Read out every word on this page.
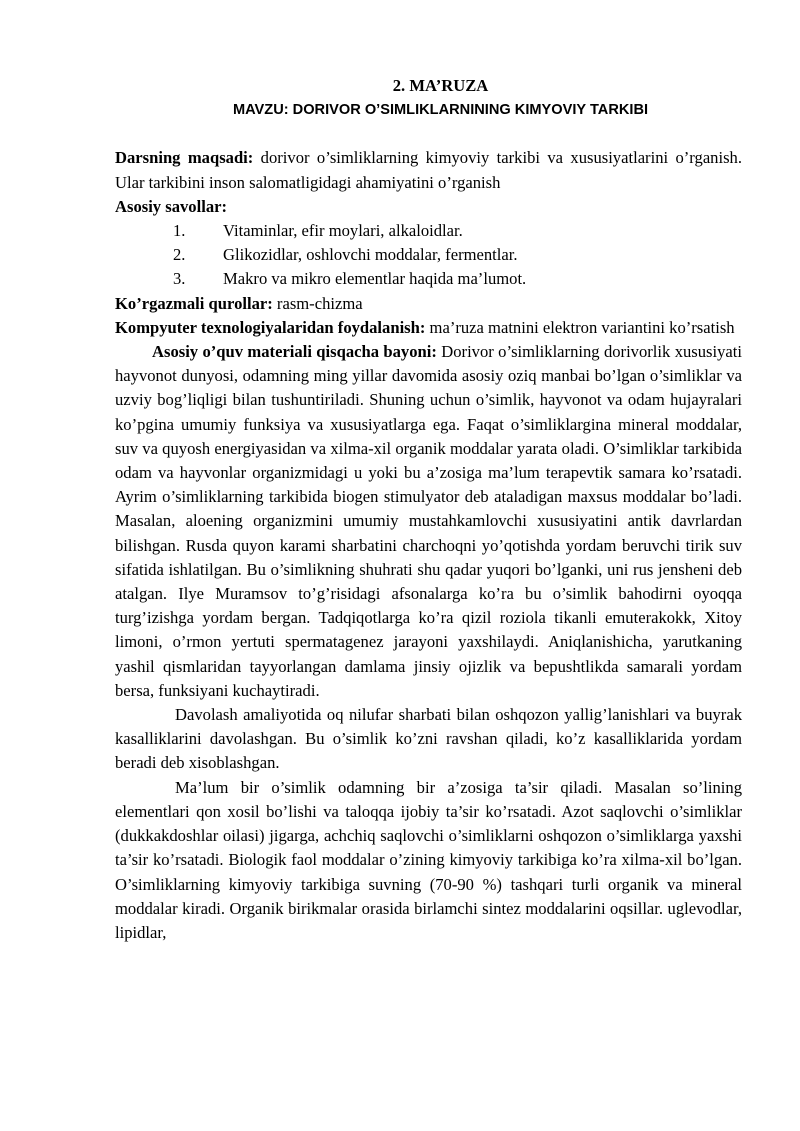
2. MA’RUZA

MAVZU: DORIVOR O’SIMLIKLARNINING KIMYOVIY TARKIBI

Darsning maqsadi: dorivor o’simliklarning kimyoviy tarkibi va xususiyatlarini o’rganish. Ular tarkibini inson salomatligidagi ahamiyatini o’rganish

Asosiy savollar:

1.	Vitaminlar, efir moylari, alkaloidlar.
2.	Glikozidlar, oshlovchi moddalar, fermentlar.
3.	Makro va mikro elementlar haqida ma’lumot.

Ko’rgazmali qurollar: rasm-chizma

Kompyuter texnologiyalaridan foydalanish: ma’ruza matnini elektron variantini ko’rsatish

Asosiy o’quv materiali qisqacha bayoni: Dorivor o’simliklarning dorivorlik xususiyati hayvonot dunyosi, odamning ming yillar davomida asosiy oziq manbai bo’lgan o’simliklar va uzviy bog’liqligi bilan tushuntiriladi. Shuning uchun o’simlik, hayvonot va odam hujayralari ko’pgina umumiy funksiya va xususiyatlarga ega. Faqat o’simliklargina mineral moddalar, suv va quyosh energiyasidan va xilma-xil organik moddalar yarata oladi. O’simliklar tarkibida odam va hayvonlar organizmidagi u yoki bu a’zosiga ma’lum terapevtik samara ko’rsatadi. Ayrim o’simliklarning tarkibida biogen stimulyator deb ataladigan maxsus moddalar bo’ladi. Masalan, aloening organizmini umumiy mustahkamlovchi xususiyatini antik davrlardan bilishgan. Rusda quyon karami sharbatini charchoqni yo’qotishda yordam beruvchi tirik suv sifatida ishlatilgan. Bu o’simlikning shuhrati shu qadar yuqori bo’lganki, uni rus jensheni deb atalgan. Ilye Muramsov to’g’risidagi afsonalarga ko’ra bu o’simlik bahodirni oyoqqa turg’izishga yordam bergan. Tadqiqotlarga ko’ra qizil roziola tikanli emuterakokk, Xitoy limoni, o’rmon yertuti spermatagenez jarayoni yaxshilaydi. Aniqlanishicha, yarutkaning yashil qismlaridan tayyorlangan damlama jinsiy ojizlik va bepushtlikda samarali yordam bersa, funksiyani kuchaytiradi.

Davolash amaliyotida oq nilufar sharbati bilan oshqozon yallig’lanishlari va buyrak kasalliklarini davolashgan. Bu o’simlik ko’zni ravshan qiladi, ko’z kasalliklarida yordam beradi deb xisoblashgan.

Ma’lum bir o’simlik odamning bir a’zosiga ta’sir qiladi. Masalan so’lining elementlari qon xosil bo’lishi va taloqqa ijobiy ta’sir ko’rsatadi. Azot saqlovchi o’simliklar (dukkakdoshlar oilasi) jigarga, achchiq saqlovchi o’simliklarni oshqozon o’simliklarga yaxshi ta’sir ko’rsatadi. Biologik faol moddalar o’zining kimyoviy tarkibiga ko’ra xilma-xil bo’lgan. O’simliklarning kimyoviy tarkibiga suvning (70-90 %) tashqari turli organik va mineral moddalar kiradi. Organik birikmalar orasida birlamchi sintez moddalarini oqsillar. uglevodlar, lipidlar,
